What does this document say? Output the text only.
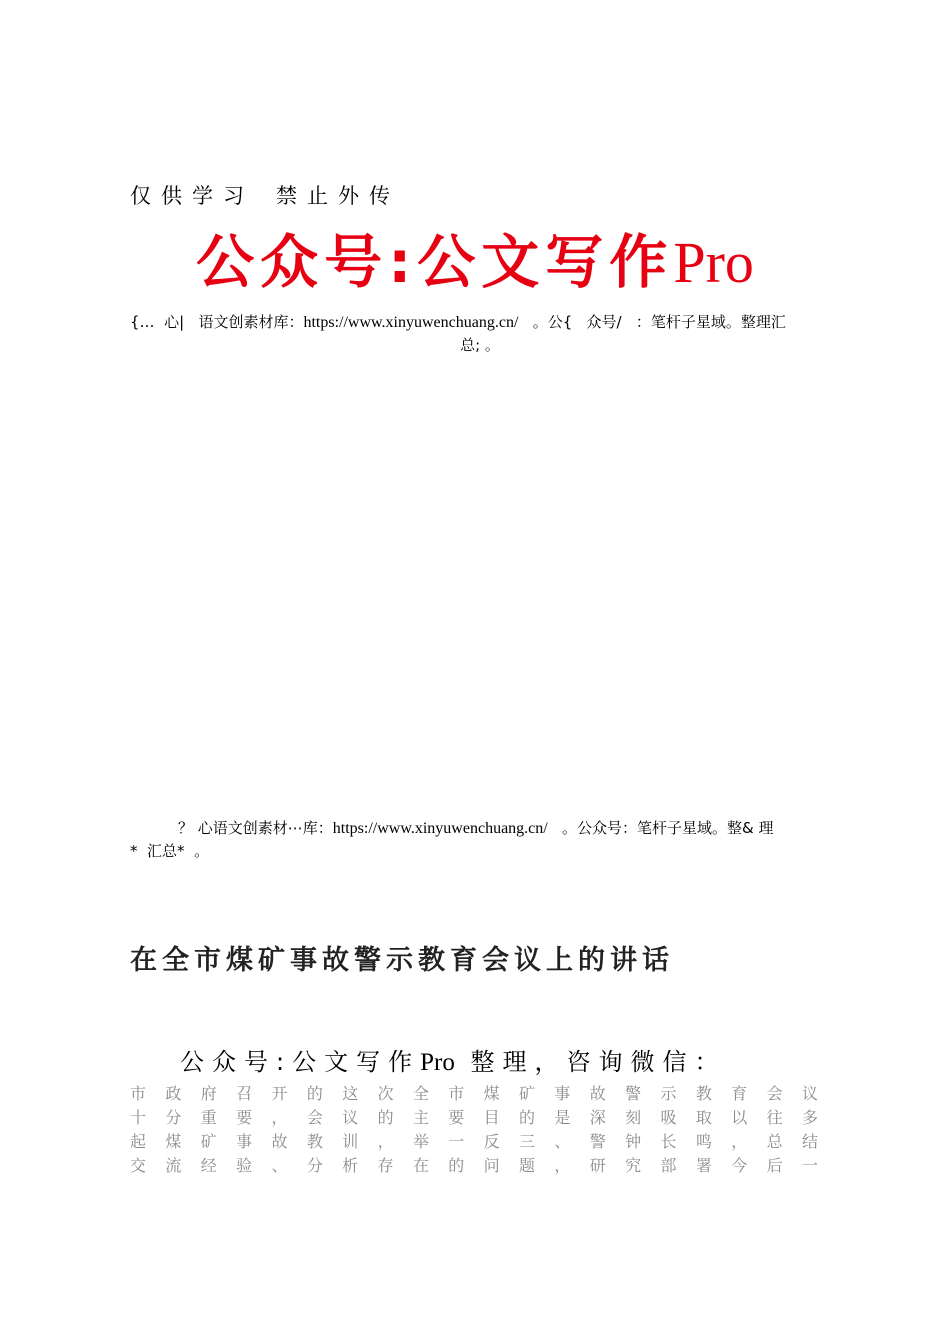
仅供学习 禁止外传
公众号:公文写作Pro
{…  心|   语文创素材库：https://www.xinyuwenchuang.cn/   。公{   众号/   ：笔杆子星域。整理汇
总; 。
？ 心语文创素材⋯库：https://www.xinyuwenchuang.cn/   。公众号：笔杆子星域。整& 理
*  汇总*  。
在全市煤矿事故警示教育会议上的讲话
公众号:公文写作Pro 整理，咨询微信：
市政府召开的这次全市煤矿事故警示教育会议
十分重要，会议的主要目的是深刻吸取以往多
起煤矿事故教训，举一反三、警钟长鸣，总结
交流经验、分析存在的问题，研究部署今后一
